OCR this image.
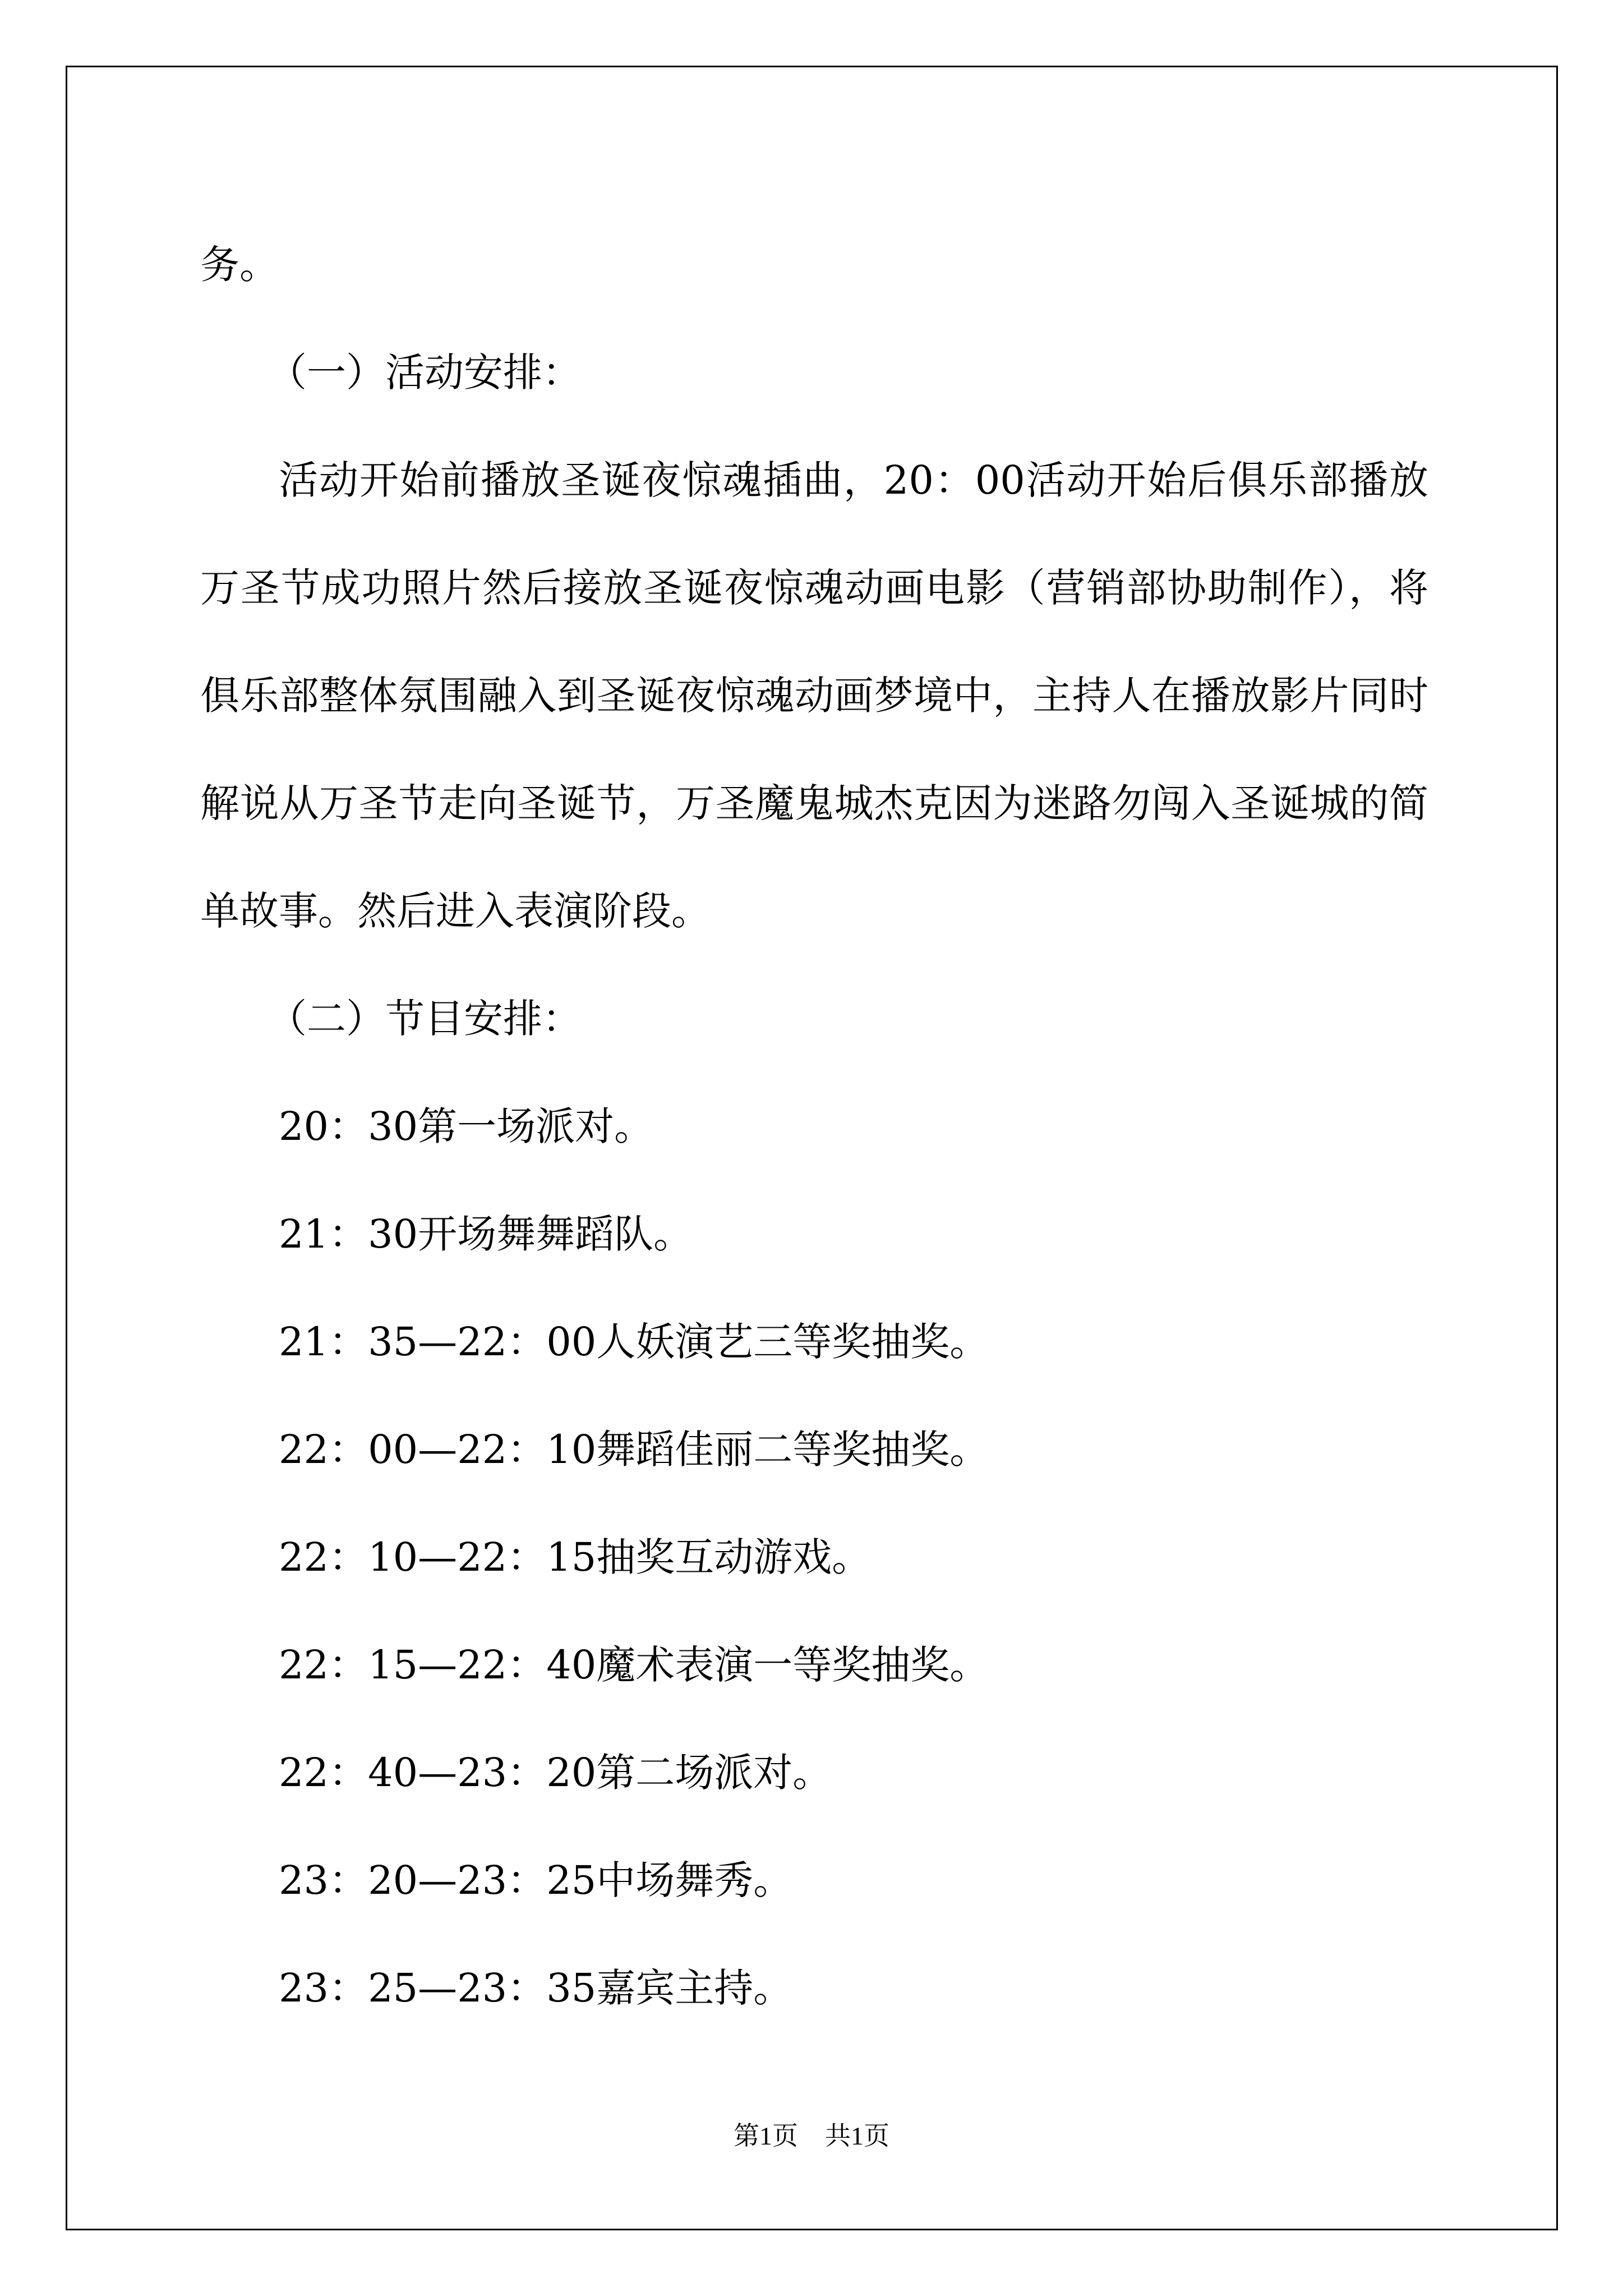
务。

（一）活动安排：

活动开始前播放圣诞夜惊魂插曲，20：00活动开始后俱乐部播放万圣节成功照片然后接放圣诞夜惊魂动画电影（营销部协助制作），将俱乐部整体氛围融入到圣诞夜惊魂动画梦境中，主持人在播放影片同时解说从万圣节走向圣诞节，万圣魔鬼城杰克因为迷路勿闯入圣诞城的简单故事。然后进入表演阶段。

（二）节目安排：

20：30第一场派对。

21：30开场舞舞蹈队。

21：35—22：00人妖演艺三等奖抽奖。

22：00—22：10舞蹈佳丽二等奖抽奖。

22：10—22：15抽奖互动游戏。

22：15—22：40魔术表演一等奖抽奖。

22：40—23：20第二场派对。

23：20—23：25中场舞秀。

23：25—23：35嘉宾主持。

第1页 共1页
